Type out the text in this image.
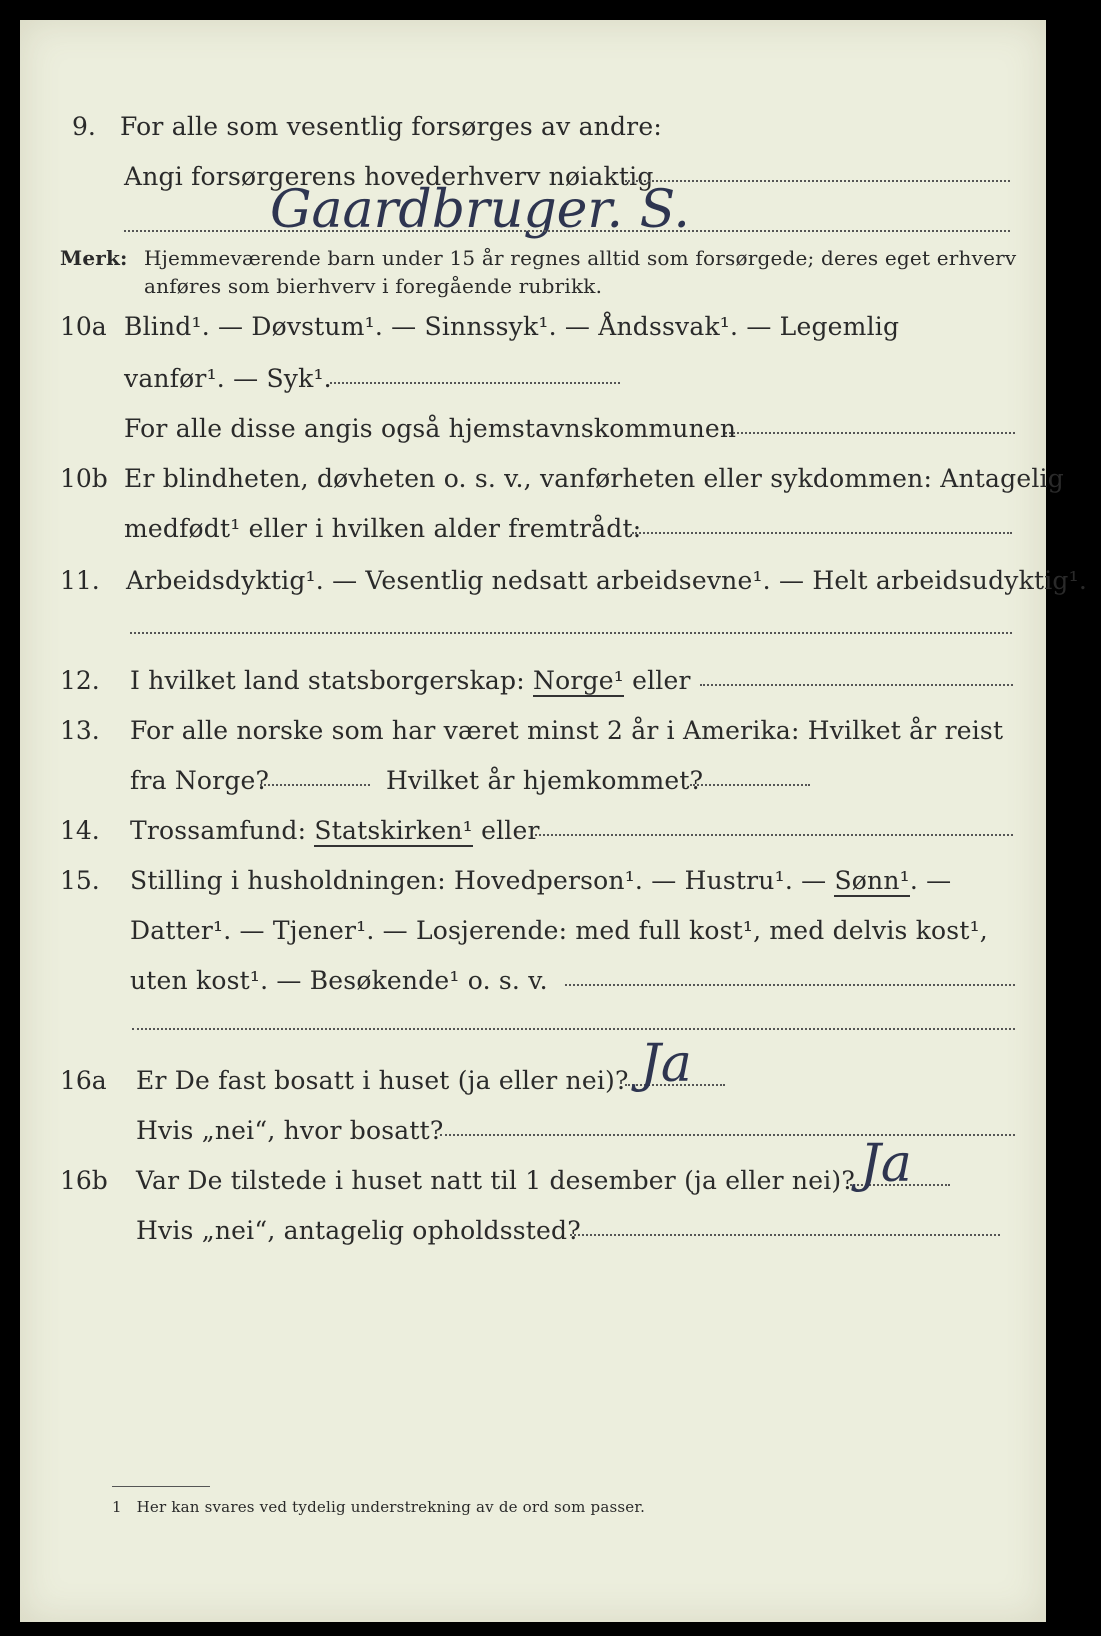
9. For alle som vesentlig forsørges av andre:
Angi forsørgerens hovederhverv nøiaktig
Gaardbruger. S.
Merk: Hjemmeværende barn under 15 år regnes alltid som forsørgede; deres eget erhverv
anføres som bierhverv i foregående rubrikk.
10a Blind¹. — Døvstum¹. — Sinnssyk¹. — Åndssvak¹. — Legemlig
vanfør¹. — Syk¹.
For alle disse angis også hjemstavnskommunen
10b Er blindheten, døvheten o. s. v., vanførheten eller sykdommen: Antagelig
medfødt¹ eller i hvilken alder fremtrådt:
11. Arbeidsdyktig¹. — Vesentlig nedsatt arbeidsevne¹. — Helt arbeidsudyktig¹.
12. I hvilket land statsborgerskap: Norge¹ eller
13. For alle norske som har været minst 2 år i Amerika: Hvilket år reist
fra Norge?	Hvilket år hjemkommet?
14. Trossamfund: Statskirken¹ eller
15. Stilling i husholdningen: Hovedperson¹. — Hustru¹. — Sønn¹. —
Datter¹. — Tjener¹. — Losjerende: med full kost¹, med delvis kost¹,
uten kost¹. — Besøkende¹ o. s. v.
16a Er De fast bosatt i huset (ja eller nei)? Ja
Hvis „nei“, hvor bosatt?
16b Var De tilstede i huset natt til 1 desember (ja eller nei)? Ja
Hvis „nei“, antagelig opholdssted?
1 Her kan svares ved tydelig understrekning av de ord som passer.
